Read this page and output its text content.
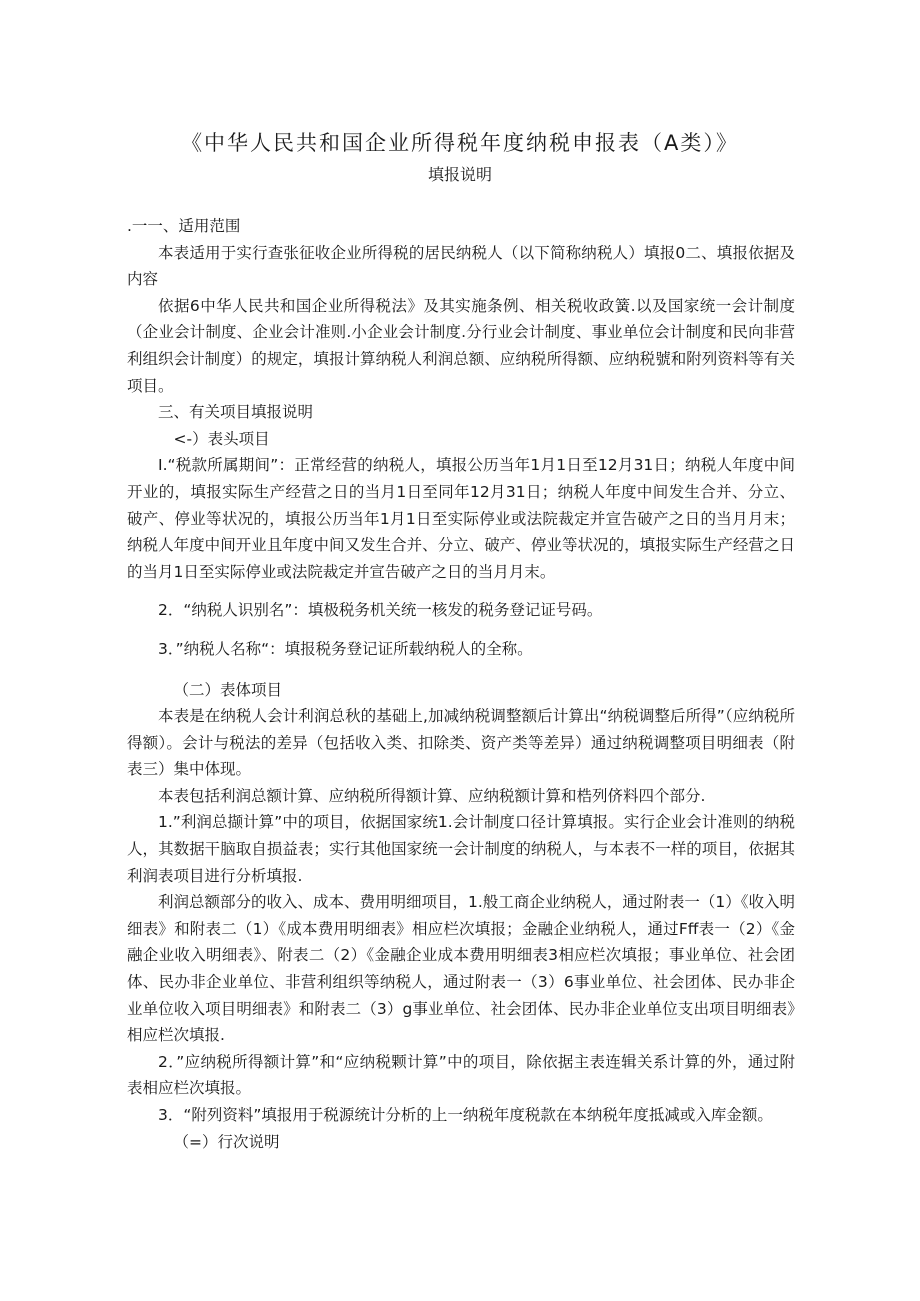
《中华人民共和国企业所得税年度纳税申报表（A类）》
填报说明

.一一、适用范围

本表适用于实行查张征收企业所得税的居民纳税人（以下简称纳税人）填报0二、填报依据及内容

依据6中华人民共和国企业所得税法》及其实施条例、相关税收政簧.以及国家统一会计制度（企业会计制度、企业会计准则.小企业会计制度.分行业会计制度、事业单位会计制度和民向非营利组织会计制度）的规定，填报计算纳税人利润总额、应纳税所得额、应纳税號和附列资料等有关项目。

三、有关项目填报说明

<-）表头项目

I.“税款所属期间”：正常经营的纳税人，填报公历当年1月1日至12月31日；纳税人年度中间开业的，填报实际生产经营之日的当月1日至同年12月31日；纳税人年度中间发生合并、分立、破产、停业等状况的，填报公历当年1月1日至实际停业或法院裁定并宣告破产之日的当月月末；纳税人年度中间开业且年度中间又发生合并、分立、破产、停业等状况的，填报实际生产经营之日的当月1日至实际停业或法院裁定并宣告破产之日的当月月末。

2．“纳税人识别名”：填极税务机关统一核发的税务登记证号码。

3．”纳税人名称“：填报税务登记证所载纳税人的全称。

（二）表体项目

本表是在纳税人会计利润总秋的基础上,加减纳税调整额后计算出“纳税调整后所得”（应纳税所得额）。会计与税法的差异（包括收入类、扣除类、资产类等差异）通过纳税调整项目明细表（附表三）集中体现。

本表包括利润总额计算、应纳税所得额计算、应纳税额计算和梏列侪料四个部分.

1.”利润总撷计算”中的项目，依据国家统1.会计制度口径计算填报。实行企业会计准则的纳税人，其数据干脑取自损益表；实行其他国家统一会计制度的纳税人，与本表不一样的项目，依据其利润表项目进行分析填报.

利润总额部分的收入、成本、费用明细项目，1.般工商企业纳税人，通过附表一（1）《收入明细表》和附表二（1）《成本费用明细表》相应栏次填报；金融企业纳税人，通过Fff表一（2）《金融企业收入明细表》、附表二（2）《金融企业成本费用明细表3相应栏次填报；事业单位、社会团体、民办非企业单位、非营利组织等纳税人，通过附表一（3）6事业单位、社会团体、民办非企业单位收入项目明细表》和附表二（3）g事业单位、社会团体、民办非企业单位支出项目明细表》相应栏次填报.

2．”应纳税所得额计算”和“应纳税颗计算”中的项目，除依据主表连辑关系计算的外，通过附表相应栏次填报。

3．“附列资料”填报用于税源统计分析的上一纳税年度税款在本纳税年度抵减或入库金额。

（=）行次说明
